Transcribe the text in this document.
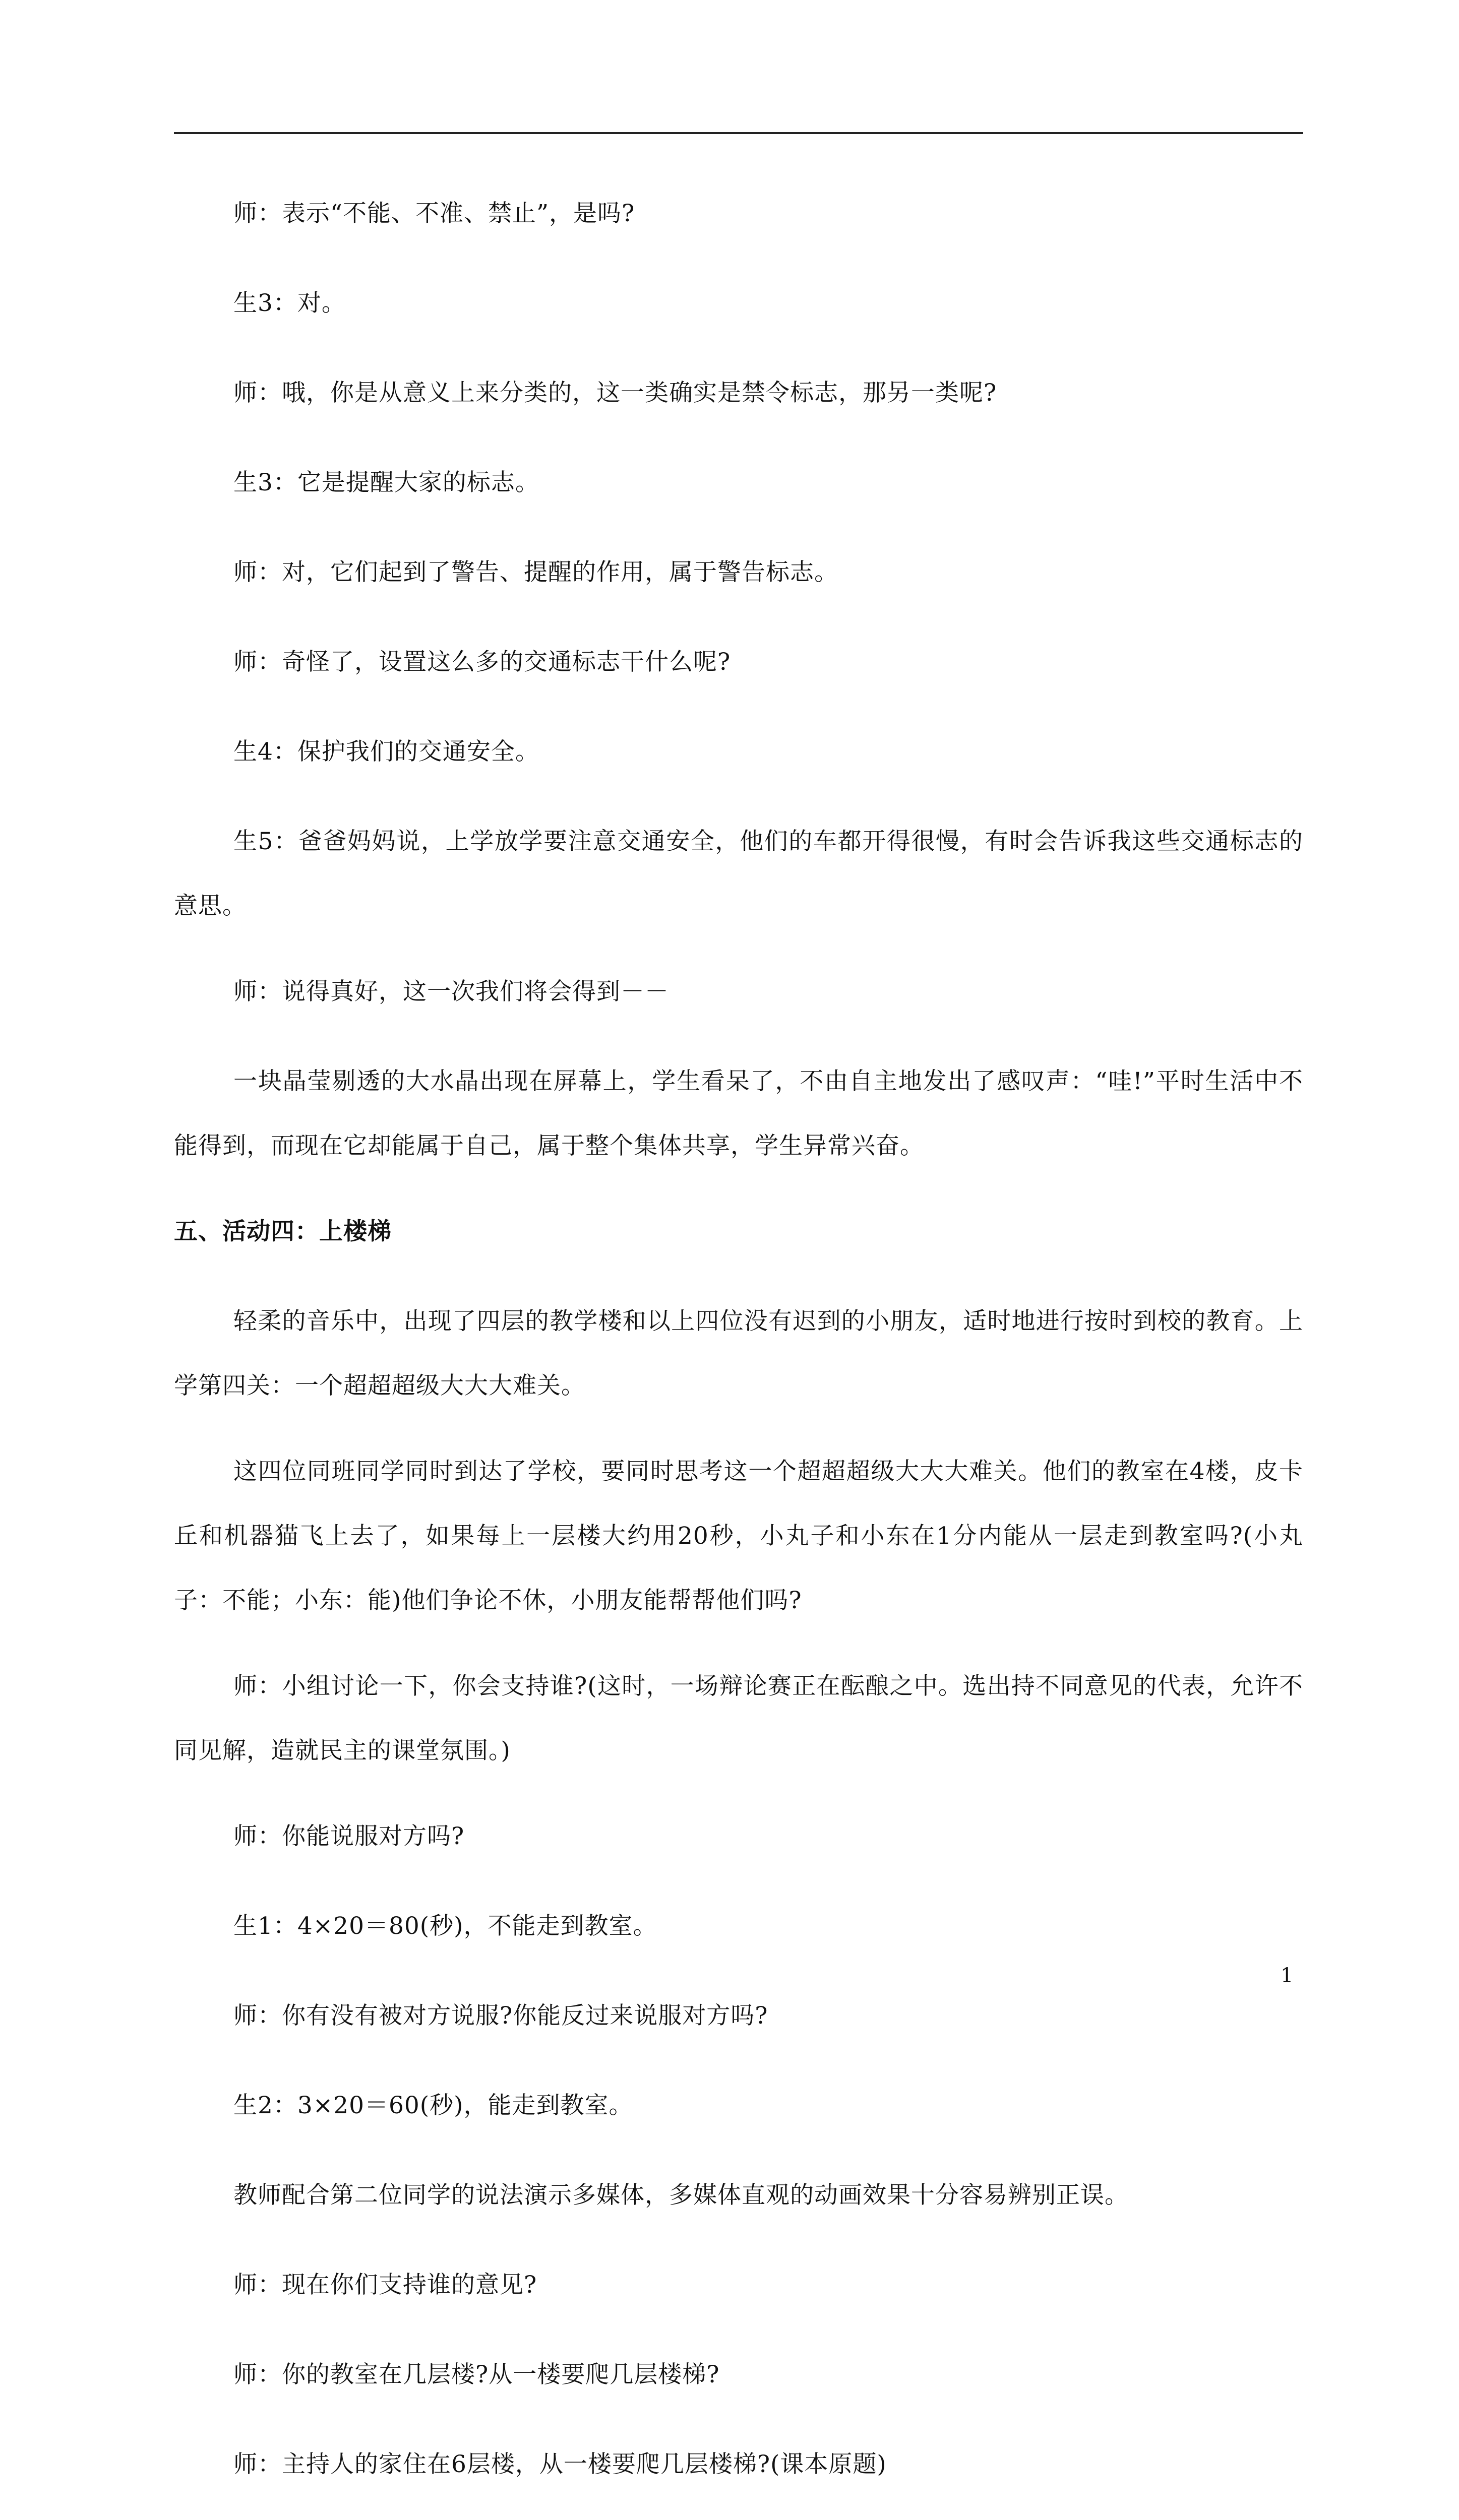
师：表示“不能、不准、禁止”，是吗?

生3：对。

师：哦，你是从意义上来分类的，这一类确实是禁令标志，那另一类呢?

生3：它是提醒大家的标志。

师：对，它们起到了警告、提醒的作用，属于警告标志。

师：奇怪了，设置这么多的交通标志干什么呢?

生4：保护我们的交通安全。

生5：爸爸妈妈说，上学放学要注意交通安全，他们的车都开得很慢，有时会告诉我这些交通标志的意思。

师：说得真好，这一次我们将会得到－－

一块晶莹剔透的大水晶出现在屏幕上，学生看呆了，不由自主地发出了感叹声：“哇!”平时生活中不能得到，而现在它却能属于自己，属于整个集体共享，学生异常兴奋。

五、活动四：上楼梯

轻柔的音乐中，出现了四层的教学楼和以上四位没有迟到的小朋友，适时地进行按时到校的教育。上学第四关：一个超超超级大大大难关。

这四位同班同学同时到达了学校，要同时思考这一个超超超级大大大难关。他们的教室在4楼，皮卡丘和机器猫飞上去了，如果每上一层楼大约用20秒，小丸子和小东在1分内能从一层走到教室吗?(小丸子：不能；小东：能)他们争论不休，小朋友能帮帮他们吗?

师：小组讨论一下，你会支持谁?(这时，一场辩论赛正在酝酿之中。选出持不同意见的代表，允许不同见解，造就民主的课堂氛围。)

师：你能说服对方吗?

生1：4×20＝80(秒)，不能走到教室。

师：你有没有被对方说服?你能反过来说服对方吗?

生2：3×20＝60(秒)，能走到教室。

教师配合第二位同学的说法演示多媒体，多媒体直观的动画效果十分容易辨别正误。

师：现在你们支持谁的意见?

师：你的教室在几层楼?从一楼要爬几层楼梯?

师：主持人的家住在6层楼，从一楼要爬几层楼梯?(课本原题)

1
